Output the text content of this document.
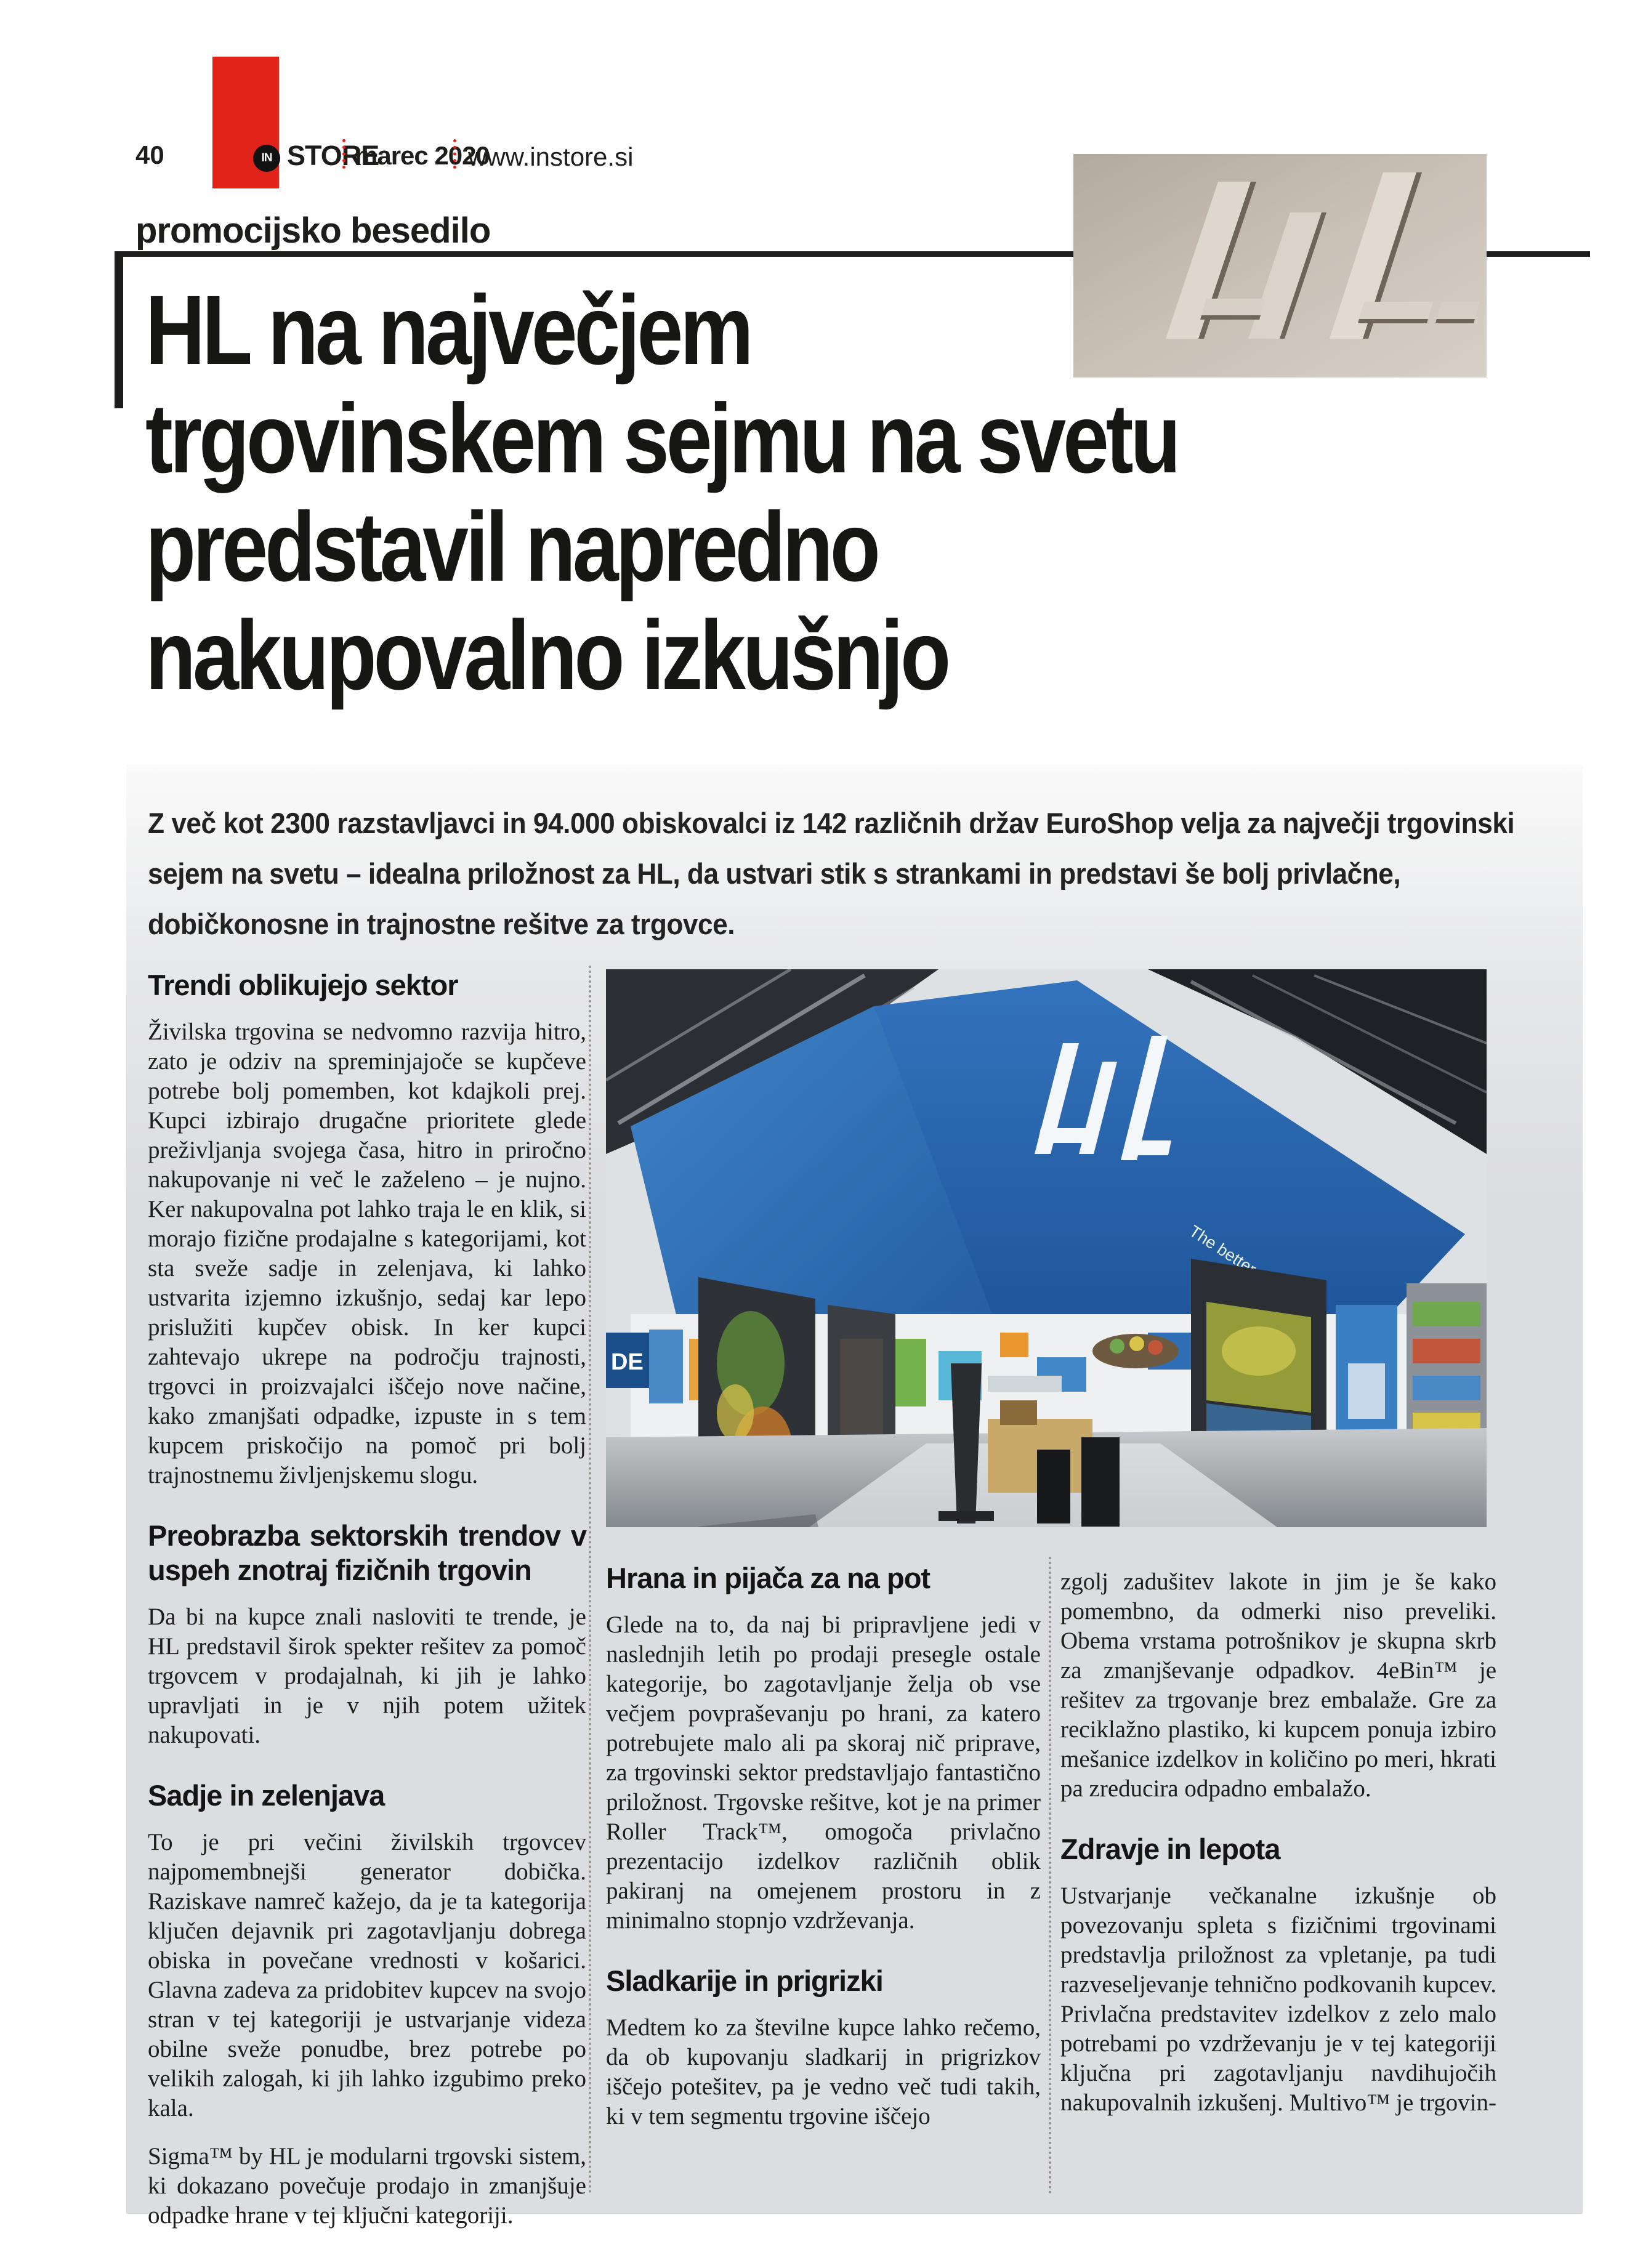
40	IN STORE
marec 2020
www.instore.si
promocijsko besedilo
HL na največjem
trgovinskem sejmu na svetu
predstavil napredno
nakupovalno izkušnjo
Z več kot 2300 razstavljavci in 94.000 obiskovalci iz 142 različnih držav EuroShop velja za največji trgovinski sejem na svetu – idealna priložnost za HL, da ustvari stik s strankami in predstavi še bolj privlačne, dobičkonosne in trajnostne rešitve za trgovce.
The better
DE
Trendi oblikujejo sektor

Živilska trgovina se nedvomno razvija hitro, zato je odziv na spreminjajoče se kupčeve potrebe bolj pomemben, kot kdajkoli prej. Kupci izbirajo drugačne prioritete glede preživljanja svojega časa, hitro in priročno nakupovanje ni več le zaželeno – je nujno. Ker nakupovalna pot lahko traja le en klik, si morajo fizične prodajalne s kategorijami, kot sta sveže sadje in zelenjava, ki lahko ustvarita izjemno izkušnjo, sedaj kar lepo prislužiti kupčev obisk. In ker kupci zahtevajo ukrepe na področju trajnosti, trgovci in proizvajalci iščejo nove načine, kako zmanjšati odpadke, izpuste in s tem kupcem priskočijo na pomoč pri bolj trajnostnemu življenjskemu slogu.

Preobrazba sektorskih trendov v uspeh znotraj fizičnih trgovin

Da bi na kupce znali nasloviti te trende, je HL predstavil širok spekter rešitev za pomoč trgovcem v prodajalnah, ki jih je lahko upravljati in je v njih potem užitek nakupovati.

Sadje in zelenjava

To je pri večini živilskih trgovcev najpomembnejši generator dobička. Raziskave namreč kažejo, da je ta kategorija ključen dejavnik pri zagotavljanju dobrega obiska in povečane vrednosti v košarici. Glavna zadeva za pridobitev kupcev na svojo stran v tej kategoriji je ustvarjanje videza obilne sveže ponudbe, brez potrebe po velikih zalogah, ki jih lahko izgubimo preko kala.

Sigma™ by HL je modularni trgovski sistem, ki dokazano povečuje prodajo in zmanjšuje odpadke hrane v tej ključni kategoriji.

Hrana in pijača za na pot

Glede na to, da naj bi pripravljene jedi v naslednjih letih po prodaji presegle ostale kategorije, bo zagotavljanje želja ob vse večjem povpraševanju po hrani, za katero potrebujete malo ali pa skoraj nič priprave, za trgovinski sektor predstavljajo fantastično priložnost. Trgovske rešitve, kot je na primer Roller Track™, omogoča privlačno prezentacijo izdelkov različnih oblik pakiranj na omejenem prostoru in z minimalno stopnjo vzdrževanja.

Sladkarije in prigrizki

Medtem ko za številne kupce lahko rečemo, da ob kupovanju sladkarij in prigrizkov iščejo potešitev, pa je vedno več tudi takih, ki v tem segmentu trgovine iščejo

zgolj zadušitev lakote in jim je še kako pomembno, da odmerki niso preveliki. Obema vrstama potrošnikov je skupna skrb za zmanjševanje odpadkov. 4eBin™ je rešitev za trgovanje brez embalaže. Gre za reciklažno plastiko, ki kupcem ponuja izbiro mešanice izdelkov in količino po meri, hkrati pa zreducira odpadno embalažo.

Zdravje in lepota

Ustvarjanje večkanalne izkušnje ob povezovanju spleta s fizičnimi trgovinami predstavlja priložnost za vpletanje, pa tudi razveseljevanje tehnično podkovanih kupcev. Privlačna predstavitev izdelkov z zelo malo potrebami po vzdrževanju je v tej kategoriji ključna pri zagotavljanju navdihujočih nakupovalnih izkušenj. Multivo™ je trgovin-
